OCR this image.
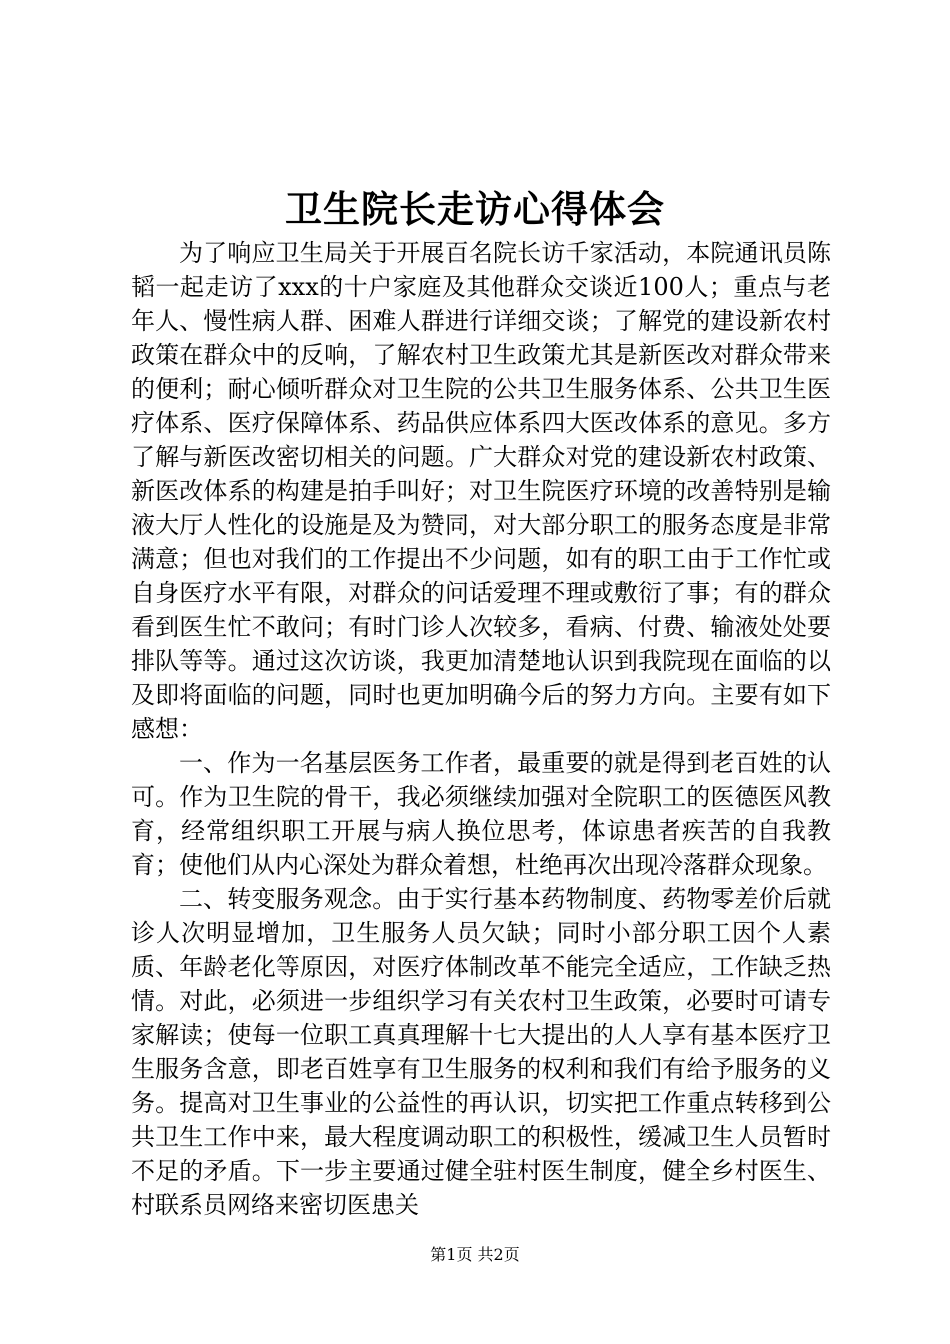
卫生院长走访心得体会

为了响应卫生局关于开展百名院长访千家活动，本院通讯员陈韬一起走访了xxx的十户家庭及其他群众交谈近100人；重点与老年人、慢性病人群、困难人群进行详细交谈；了解党的建设新农村政策在群众中的反响，了解农村卫生政策尤其是新医改对群众带来的便利；耐心倾听群众对卫生院的公共卫生服务体系、公共卫生医疗体系、医疗保障体系、药品供应体系四大医改体系的意见。多方了解与新医改密切相关的问题。广大群众对党的建设新农村政策、新医改体系的构建是拍手叫好；对卫生院医疗环境的改善特别是输液大厅人性化的设施是及为赞同，对大部分职工的服务态度是非常满意；但也对我们的工作提出不少问题，如有的职工由于工作忙或自身医疗水平有限，对群众的问话爱理不理或敷衍了事；有的群众看到医生忙不敢问；有时门诊人次较多，看病、付费、输液处处要排队等等。通过这次访谈，我更加清楚地认识到我院现在面临的以及即将面临的问题，同时也更加明确今后的努力方向。主要有如下感想：

一、作为一名基层医务工作者，最重要的就是得到老百姓的认可。作为卫生院的骨干，我必须继续加强对全院职工的医德医风教育，经常组织职工开展与病人换位思考，体谅患者疾苦的自我教育；使他们从内心深处为群众着想，杜绝再次出现冷落群众现象。

二、转变服务观念。由于实行基本药物制度、药物零差价后就诊人次明显增加，卫生服务人员欠缺；同时小部分职工因个人素质、年龄老化等原因，对医疗体制改革不能完全适应，工作缺乏热情。对此，必须进一步组织学习有关农村卫生政策，必要时可请专家解读；使每一位职工真真理解十七大提出的人人享有基本医疗卫生服务含意，即老百姓享有卫生服务的权利和我们有给予服务的义务。提高对卫生事业的公益性的再认识，切实把工作重点转移到公共卫生工作中来，最大程度调动职工的积极性，缓减卫生人员暂时不足的矛盾。下一步主要通过健全驻村医生制度，健全乡村医生、村联系员网络来密切医患关

第1页 共2页
